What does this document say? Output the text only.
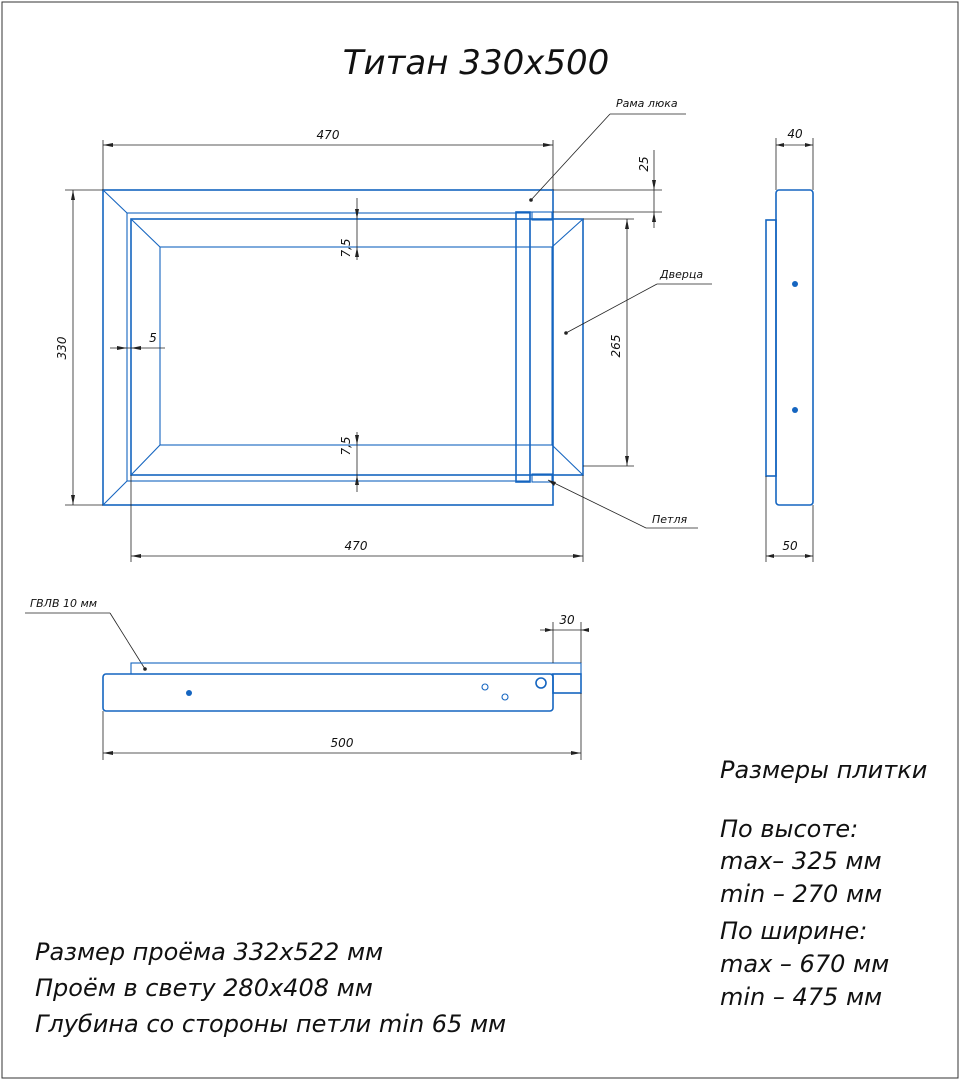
Титан 330х500
470
330
470
25
7,5
7,5
5	265
Рама люка
Дверца
Петля
ГВЛВ 10 мм
40
50
30
500
Размеры плитки
По высоте:
max– 325 мм
min – 270 мм
По ширине:
max – 670 мм
min – 475 мм
Размер проёма 332х522 мм
Проём в свету 280х408 мм
Глубина со стороны петли min 65 мм
